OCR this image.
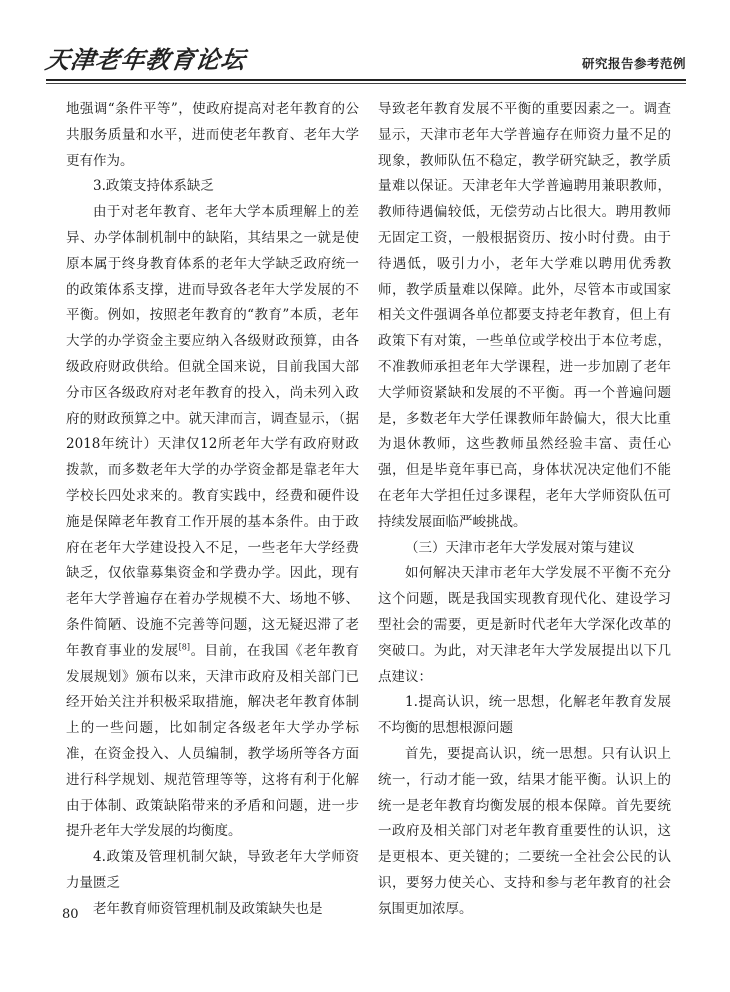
天津老年教育论坛	研究报告参考范例

地强调“条件平等”，使政府提高对老年教育的公共服务质量和水平，进而使老年教育、老年大学更有作为。

3.政策支持体系缺乏

由于对老年教育、老年大学本质理解上的差异、办学体制机制中的缺陷，其结果之一就是使原本属于终身教育体系的老年大学缺乏政府统一的政策体系支撑，进而导致各老年大学发展的不平衡。例如，按照老年教育的“教育”本质，老年大学的办学资金主要应纳入各级财政预算，由各级政府财政供给。但就全国来说，目前我国大部分市区各级政府对老年教育的投入，尚未列入政府的财政预算之中。就天津而言，调查显示，（据2018年统计）天津仅12所老年大学有政府财政拨款，而多数老年大学的办学资金都是靠老年大学校长四处求来的。教育实践中，经费和硬件设施是保障老年教育工作开展的基本条件。由于政府在老年大学建设投入不足，一些老年大学经费缺乏，仅依靠募集资金和学费办学。因此，现有老年大学普遍存在着办学规模不大、场地不够、条件简陋、设施不完善等问题，这无疑迟滞了老年教育事业的发展[8]。目前，在我国《老年教育发展规划》颁布以来，天津市政府及相关部门已经开始关注并积极采取措施，解决老年教育体制上的一些问题，比如制定各级老年大学办学标准，在资金投入、人员编制，教学场所等各方面进行科学规划、规范管理等等，这将有利于化解由于体制、政策缺陷带来的矛盾和问题，进一步提升老年大学发展的均衡度。

4.政策及管理机制欠缺，导致老年大学师资力量匮乏

老年教育师资管理机制及政策缺失也是

导致老年教育发展不平衡的重要因素之一。调查显示，天津市老年大学普遍存在师资力量不足的现象，教师队伍不稳定，教学研究缺乏，教学质量难以保证。天津老年大学普遍聘用兼职教师，教师待遇偏较低，无偿劳动占比很大。聘用教师无固定工资，一般根据资历、按小时付费。由于待遇低，吸引力小，老年大学难以聘用优秀教师，教学质量难以保障。此外，尽管本市或国家相关文件强调各单位都要支持老年教育，但上有政策下有对策，一些单位或学校出于本位考虑，不准教师承担老年大学课程，进一步加剧了老年大学师资紧缺和发展的不平衡。再一个普遍问题是，多数老年大学任课教师年龄偏大，很大比重为退休教师，这些教师虽然经验丰富、责任心强，但是毕竟年事已高，身体状况决定他们不能在老年大学担任过多课程，老年大学师资队伍可持续发展面临严峻挑战。

（三）天津市老年大学发展对策与建议

如何解决天津市老年大学发展不平衡不充分这个问题，既是我国实现教育现代化、建设学习型社会的需要，更是新时代老年大学深化改革的突破口。为此，对天津老年大学发展提出以下几点建议：

1.提高认识，统一思想，化解老年教育发展不均衡的思想根源问题

首先，要提高认识，统一思想。只有认识上统一，行动才能一致，结果才能平衡。认识上的统一是老年教育均衡发展的根本保障。首先要统一政府及相关部门对老年教育重要性的认识，这是更根本、更关键的；二要统一全社会公民的认识，要努力使关心、支持和参与老年教育的社会氛围更加浓厚。

80
